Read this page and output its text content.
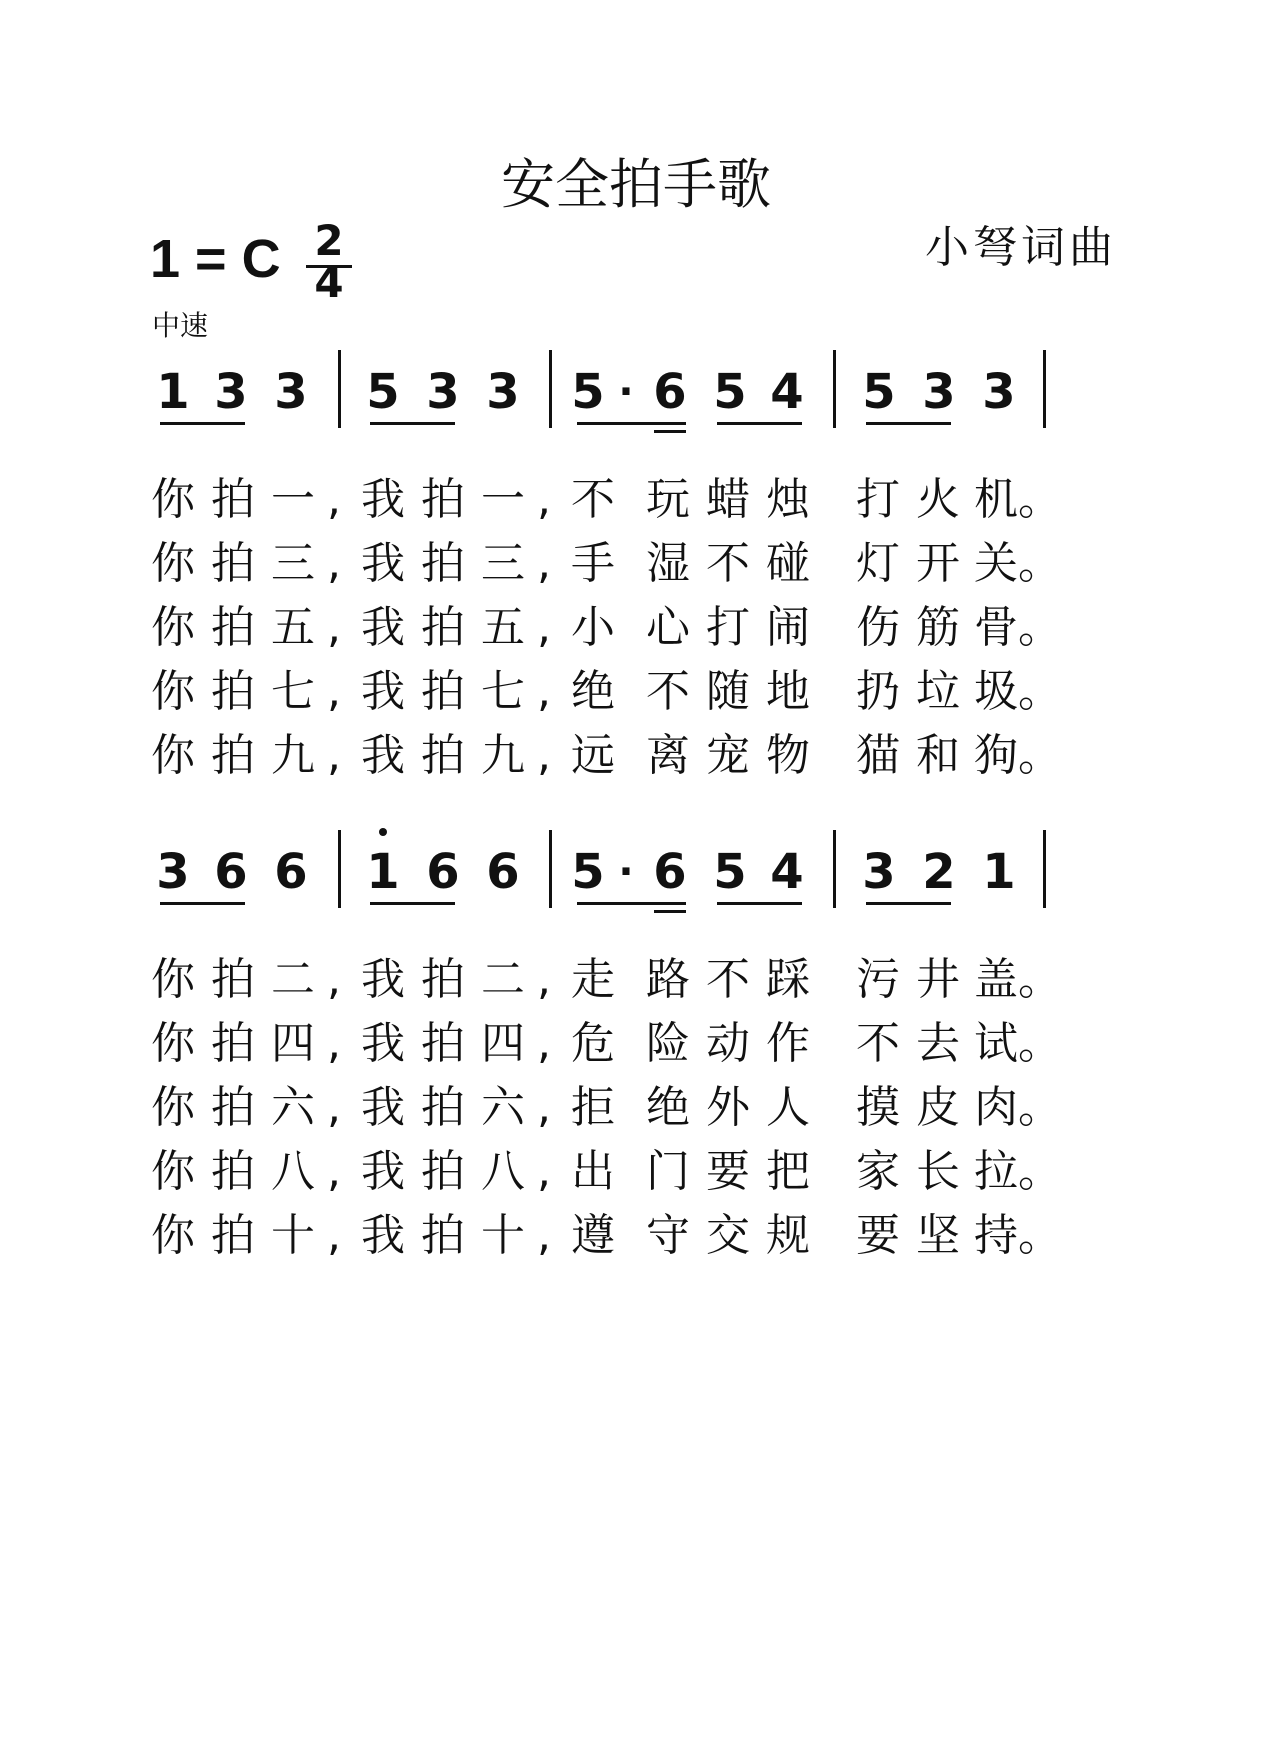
安全拍手歌
1 = C 2
4
小弩词曲
中速
1 3 3 5 3 3 5 · 6 5 4 5 3 3
你 拍 一 , 我 拍 一 , 不 玩 蜡 烛 打 火 机。
你 拍 三 , 我 拍 三 , 手 湿 不 碰 灯 开 关。
你 拍 五 , 我 拍 五 , 小 心 打 闹 伤 筋 骨。
你 拍 七 , 我 拍 七 , 绝 不 随 地 扔 垃 圾。
你 拍 九 , 我 拍 九 , 远 离 宠 物 猫 和 狗。
3 6 6 1 6 6 5 · 6 5 4 3 2 1
你 拍 二 , 我 拍 二 , 走 路 不 踩 污 井 盖。
你 拍 四 , 我 拍 四 , 危 险 动 作 不 去 试。
你 拍 六 , 我 拍 六 , 拒 绝 外 人 摸 皮 肉。
你 拍 八 , 我 拍 八 , 出 门 要 把 家 长 拉。
你 拍 十 , 我 拍 十 , 遵 守 交 规 要 坚 持。
